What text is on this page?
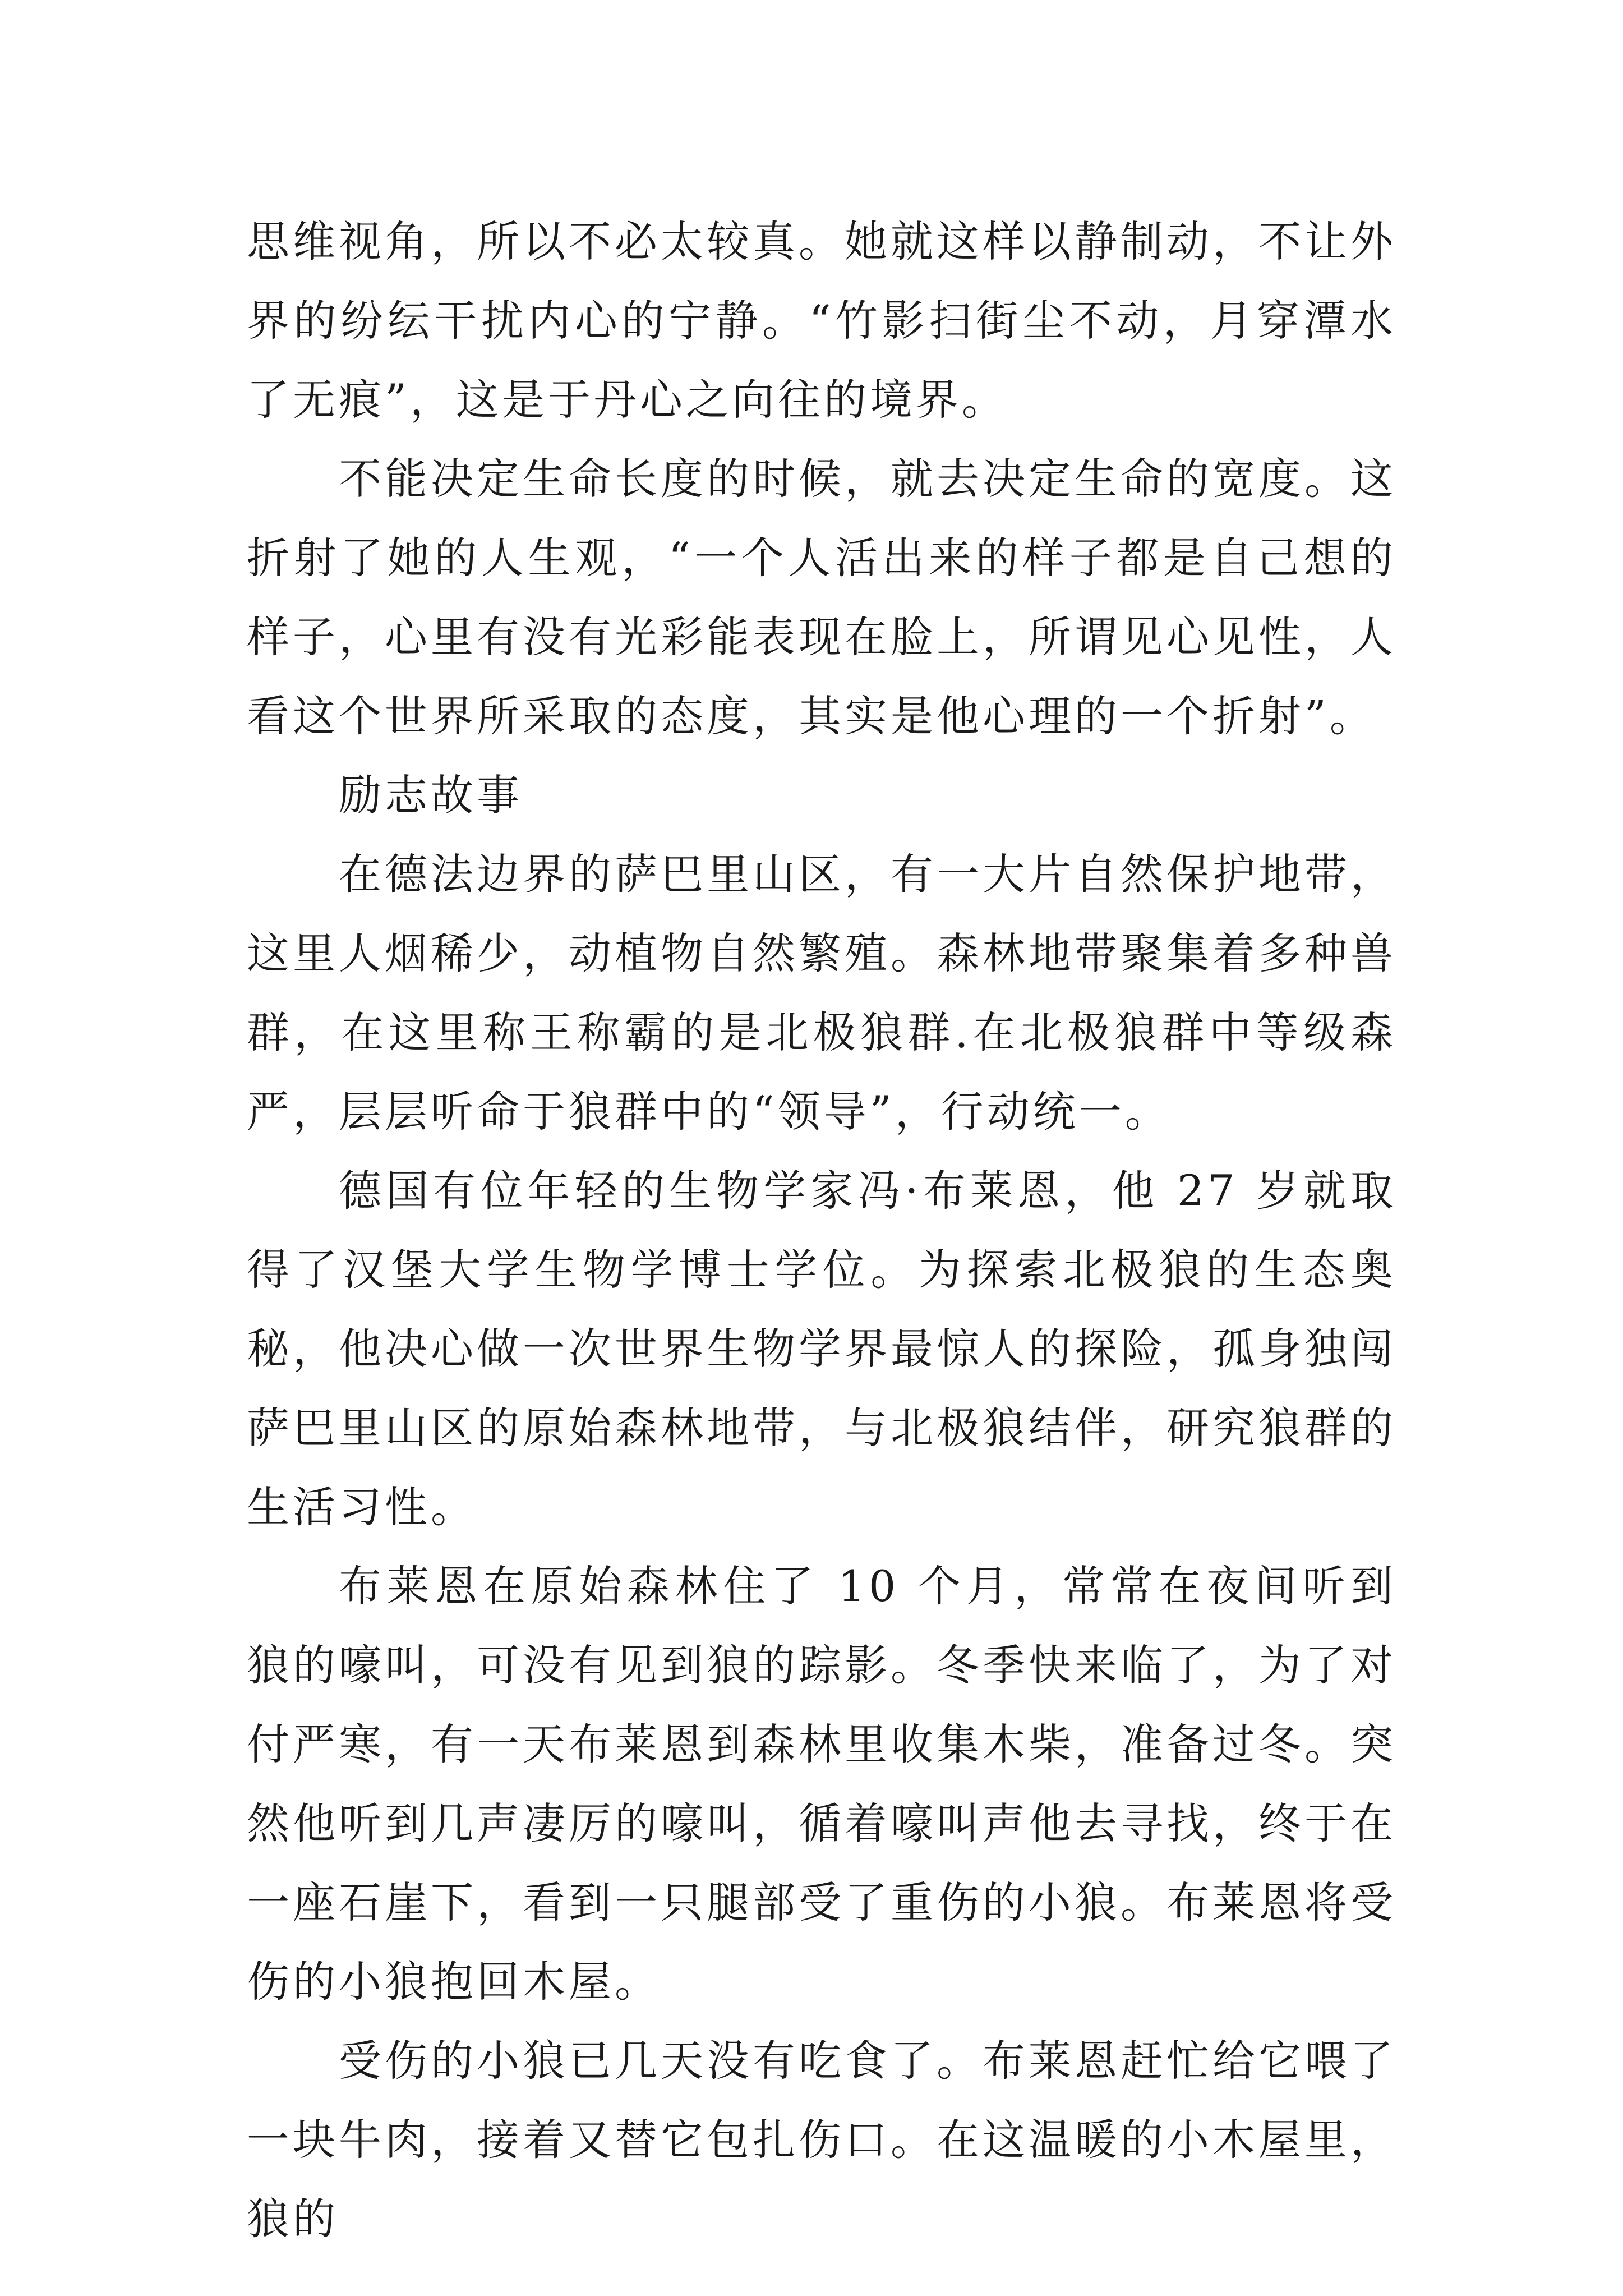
思维视角，所以不必太较真。她就这样以静制动，不让外界的纷纭干扰内心的宁静。“竹影扫街尘不动，月穿潭水了无痕”，这是于丹心之向往的境界。

不能决定生命长度的时候，就去决定生命的宽度。这折射了她的人生观，“一个人活出来的样子都是自己想的样子，心里有没有光彩能表现在脸上，所谓见心见性，人看这个世界所采取的态度，其实是他心理的一个折射”。

励志故事

在德法边界的萨巴里山区，有一大片自然保护地带，这里人烟稀少，动植物自然繁殖。森林地带聚集着多种兽群，在这里称王称霸的是北极狼群.在北极狼群中等级森严，层层听命于狼群中的“领导”，行动统一。

德国有位年轻的生物学家冯·布莱恩，他 27 岁就取得了汉堡大学生物学博士学位。为探索北极狼的生态奥秘，他决心做一次世界生物学界最惊人的探险，孤身独闯萨巴里山区的原始森林地带，与北极狼结伴，研究狼群的生活习性。

布莱恩在原始森林住了 10 个月，常常在夜间听到狼的嚎叫，可没有见到狼的踪影。冬季快来临了，为了对付严寒，有一天布莱恩到森林里收集木柴，准备过冬。突然他听到几声凄厉的嚎叫，循着嚎叫声他去寻找，终于在一座石崖下，看到一只腿部受了重伤的小狼。布莱恩将受伤的小狼抱回木屋。

受伤的小狼已几天没有吃食了。布莱恩赶忙给它喂了一块牛肉，接着又替它包扎伤口。在这温暖的小木屋里，狼的
